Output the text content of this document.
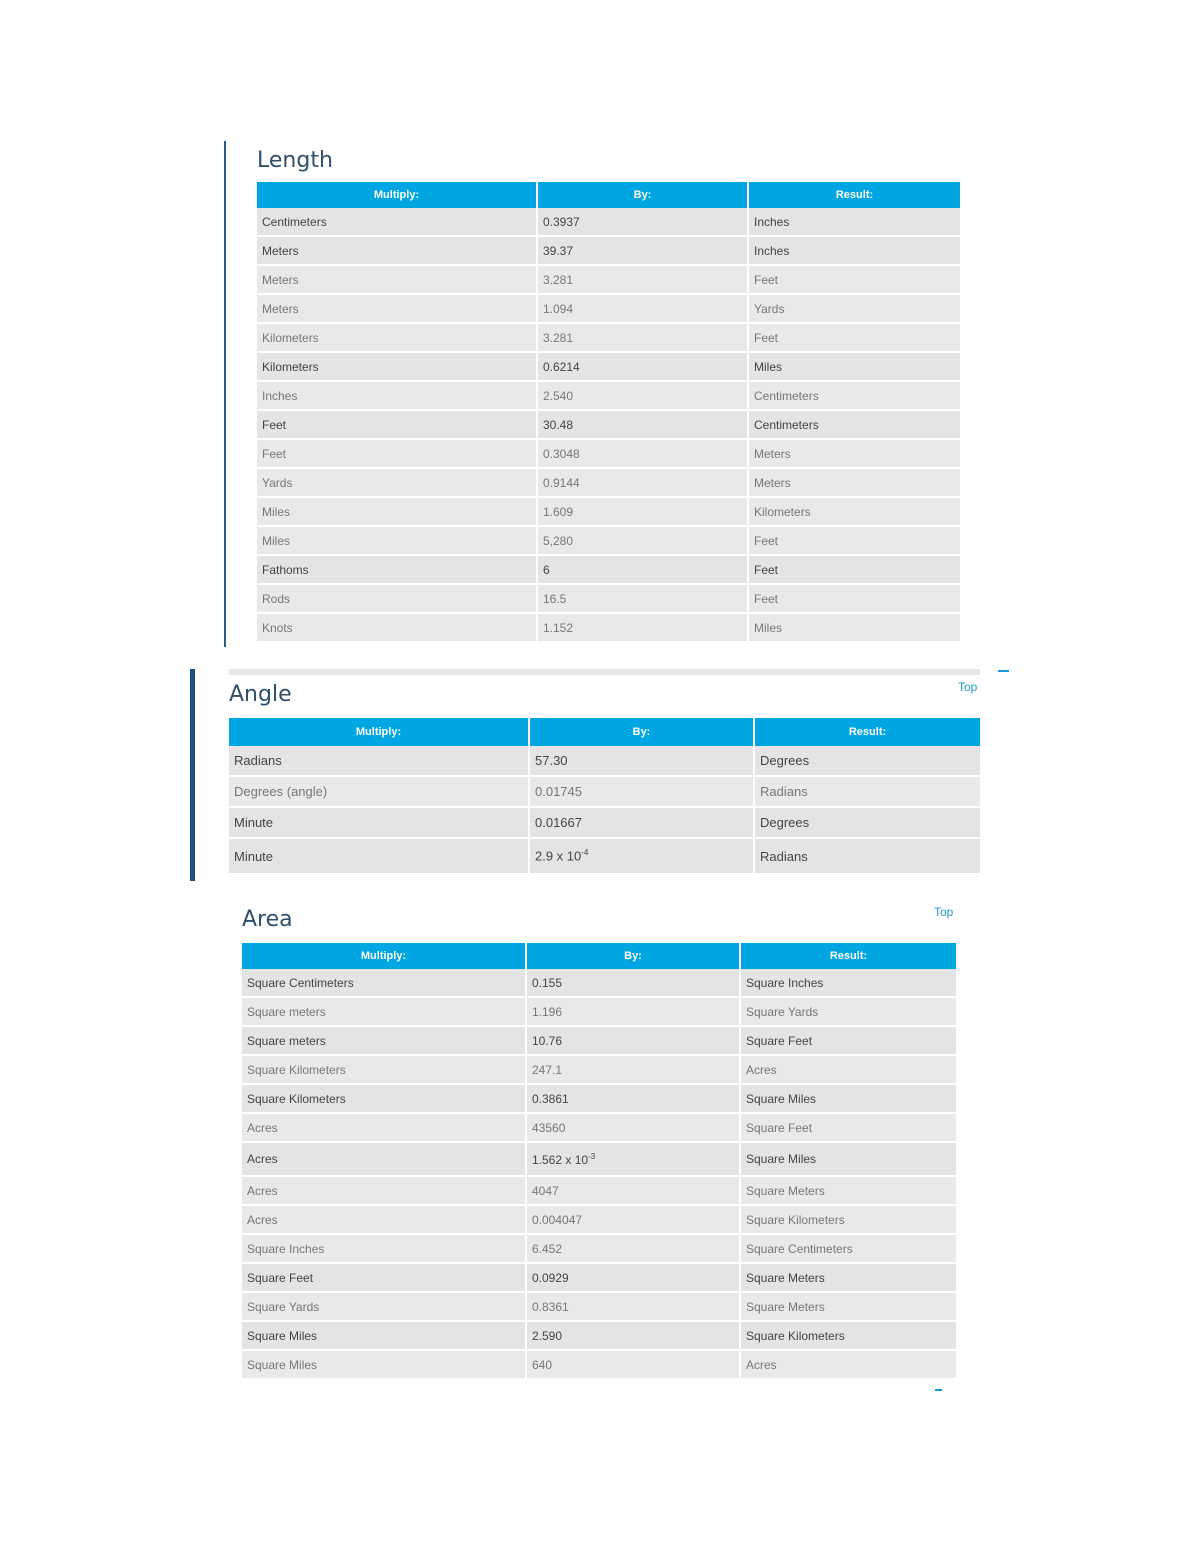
Length
Multiply:	By:	Result:
Centimeters	0.3937	Inches
Meters	39.37	Inches
Meters	3.281	Feet
Meters	1.094	Yards
Kilometers	3.281	Feet
Kilometers	0.6214	Miles
Inches	2.540	Centimeters
Feet	30.48	Centimeters
Feet	0.3048	Meters
Yards	0.9144	Meters
Miles	1.609	Kilometers
Miles	5,280	Feet
Fathoms	6	Feet
Rods	16.5	Feet
Knots	1.152	Miles
Top
Angle
Multiply:	By:	Result:
Radians	57.30	Degrees
Degrees (angle)	0.01745	Radians
Minute	0.01667	Degrees
Minute	2.9 x $10^{-4}$	Radians
Top
Area
Multiply:	By:	Result:
Square Centimeters	0.155	Square Inches
Square meters	1.196	Square Yards
Square meters	10.76	Square Feet
Square Kilometers	247.1	Acres
Square Kilometers	0.3861	Square Miles
Acres	43560	Square Feet
Acres	1.562 x $10^{-3}$	Square Miles
Acres	4047	Square Meters
Acres	0.004047	Square Kilometers
Square Inches	6.452	Square Centimeters
Square Feet	0.0929	Square Meters
Square Yards	0.8361	Square Meters
Square Miles	2.590	Square Kilometers
Square Miles	640	Acres
